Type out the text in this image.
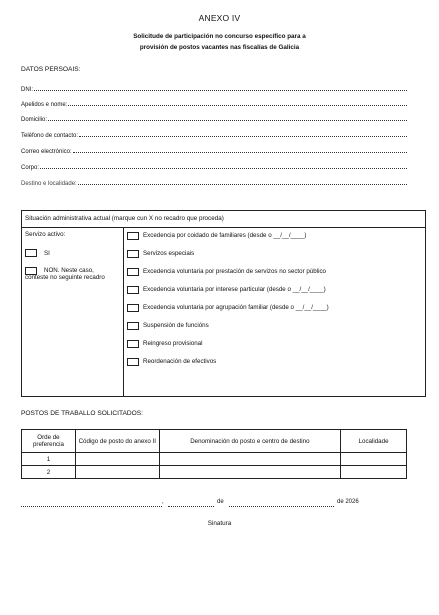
ANEXO IV
Solicitude de participación no concurso específico para a
provisión de postos vacantes nas fiscalías de Galicia
DATOS PERSOAIS:
DNI:
Apelidos e nome:
Domicilio:
Teléfono de contacto:
Correo electrónico:
Corpo:
Destino e localidade:
Situación administrativa actual (marque cun X no recadro que proceda)
Servizo activo:
SI
NON. Neste caso, conteste no seguinte recadro
Excedencia por coidado de familiares (desde o __/__/____)
Servizos especiais
Excedencia voluntaria por prestación de servizos no sector público
Excedencia voluntaria por interese particular (desde o __/__/____)
Excedencia voluntaria por agrupación familiar (desde o __/__/____)
Suspensión de funcións
Reingreso provisional
Reordenación de efectivos
POSTOS DE TRABALLO SOLICITADOS:
Orde de preferencia	Código de posto do anexo II	Denominación do posto e centro de destino	Localidade
1			
2			
,	de	de 2026
Sinatura
